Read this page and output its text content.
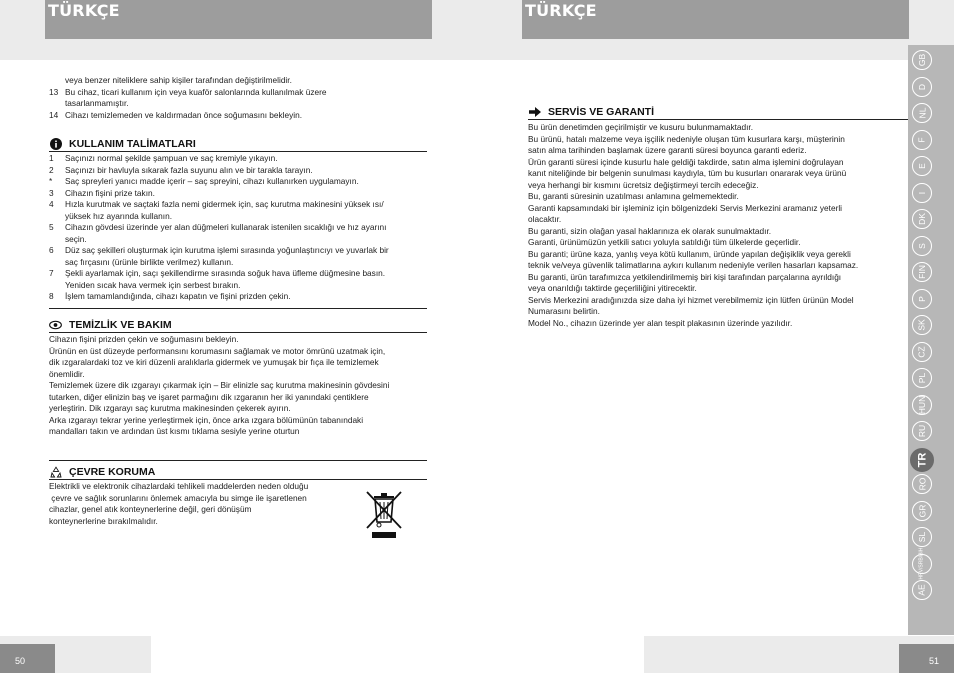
TÜRKÇE
veya benzer niteliklere sahip kişiler tarafından değiştirilmelidir.
13 Bu cihaz, ticari kullanım için veya kuaför salonlarında kullanılmak üzere
tasarlanmamıştır.
14 Cihazı temizlemeden ve kaldırmadan önce soğumasını bekleyin.
KULLANIM TALİMATLARI
1	Saçınızı normal şekilde şampuan ve saç kremiyle yıkayın.
2	Saçınızı bir havluyla sıkarak fazla suyunu alın ve bir tarakla tarayın.
*	Saç spreyleri yanıcı madde içerir – saç spreyini, cihazı kullanırken uygulamayın.
3	Cihazın fişini prize takın.
4	Hızla kurutmak ve saçtaki fazla nemi gidermek için, saç kurutma makinesini yüksek ısı/
yüksek hız ayarında kullanın.
5	Cihazın gövdesi üzerinde yer alan düğmeleri kullanarak istenilen sıcaklığı ve hız ayarını
seçin.
6	Düz saç şekilleri oluşturmak için kurutma işlemi sırasında yoğunlaştırıcıyı ve yuvarlak bir
saç fırçasını (ürünle birlikte verilmez) kullanın.
7	Şekli ayarlamak için, saçı şekillendirme sırasında soğuk hava üfleme düğmesine basın.
Yeniden sıcak hava vermek için serbest bırakın.
8	İşlem tamamlandığında, cihazı kapatın ve fişini prizden çekin.
TEMİZLİK VE BAKIM
Cihazın fişini prizden çekin ve soğumasını bekleyin.
Ürünün en üst düzeyde performansını korumasını sağlamak ve motor ömrünü uzatmak için,
dik ızgaralardaki toz ve kiri düzenli aralıklarla gidermek ve yumuşak bir fıça ile temizlemek
önemlidir.
Temizlemek üzere dik ızgarayı çıkarmak için – Bir elinizle saç kurutma makinesinin gövdesini
tutarken, diğer elinizin baş ve işaret parmağını dik ızgaranın her iki yanındaki çentiklere
yerleştirin. Dik ızgarayı saç kurutma makinesinden çekerek ayırın.
Arka ızgarayı tekrar yerine yerleştirmek için, önce arka ızgara bölümünün tabanındaki
mandalları takın ve ardından üst kısmı tıklama sesiyle yerine oturtun
ÇEVRE KORUMA
Elektrikli ve elektronik cihazlardaki tehlikeli maddelerden neden olduğu
çevre ve sağlık sorunlarını önlemek amacıyla bu simge ile işaretlenen
cihazlar, genel atık konteynerlerine değil, geri dönüşüm
konteynerlerine bırakılmalıdır.
50
TÜRKÇE
SERVİS VE GARANTİ
Bu ürün denetimden geçirilmiştir ve kusuru bulunmamaktadır.
Bu ürünü, hatalı malzeme veya işçilik nedeniyle oluşan tüm kusurlara karşı, müşterinin
satın alma tarihinden başlamak üzere garanti süresi boyunca garanti ederiz.
Ürün garanti süresi içinde kusurlu hale geldiği takdirde, satın alma işlemini doğrulayan
kanıt niteliğinde bir belgenin sunulması kaydıyla, tüm bu kusurları onararak veya ürünü
veya herhangi bir kısmını ücretsiz değiştirmeyi tercih edeceğiz.
Bu, garanti süresinin uzatılması anlamına gelmemektedir.
Garanti kapsamındaki bir işleminiz için bölgenizdeki Servis Merkezini aramanız yeterli
olacaktır.
Bu garanti, sizin olağan yasal haklarınıza ek olarak sunulmaktadır.
Garanti, ürünümüzün yetkili satıcı yoluyla satıldığı tüm ülkelerde geçerlidir.
Bu garanti; ürüne kaza, yanlış veya kötü kullanım, üründe yapılan değişiklik veya gerekli
teknik ve/veya güvenlik talimatlarına aykırı kullanım nedeniyle verilen hasarları kapsamaz.
Bu garanti, ürün tarafımızca yetkilendirilmemiş biri kişi tarafından parçalarına ayrıldığı
veya onarıldığı taktirde geçerliliğini yitirecektir.
Servis Merkezini aradığınızda size daha iyi hizmet verebilmemiz için lütfen ürünün Model
Numarasını belirtin.
Model No., cihazın üzerinde yer alan tespit plakasının üzerinde yazılıdır.
GB
D
NL
F
E
I
DK
S
FIN
P
SK
CZ
PL
HUN
RU
TR
RO
GR
SL
HRV/SRB/BIH
AE
51
